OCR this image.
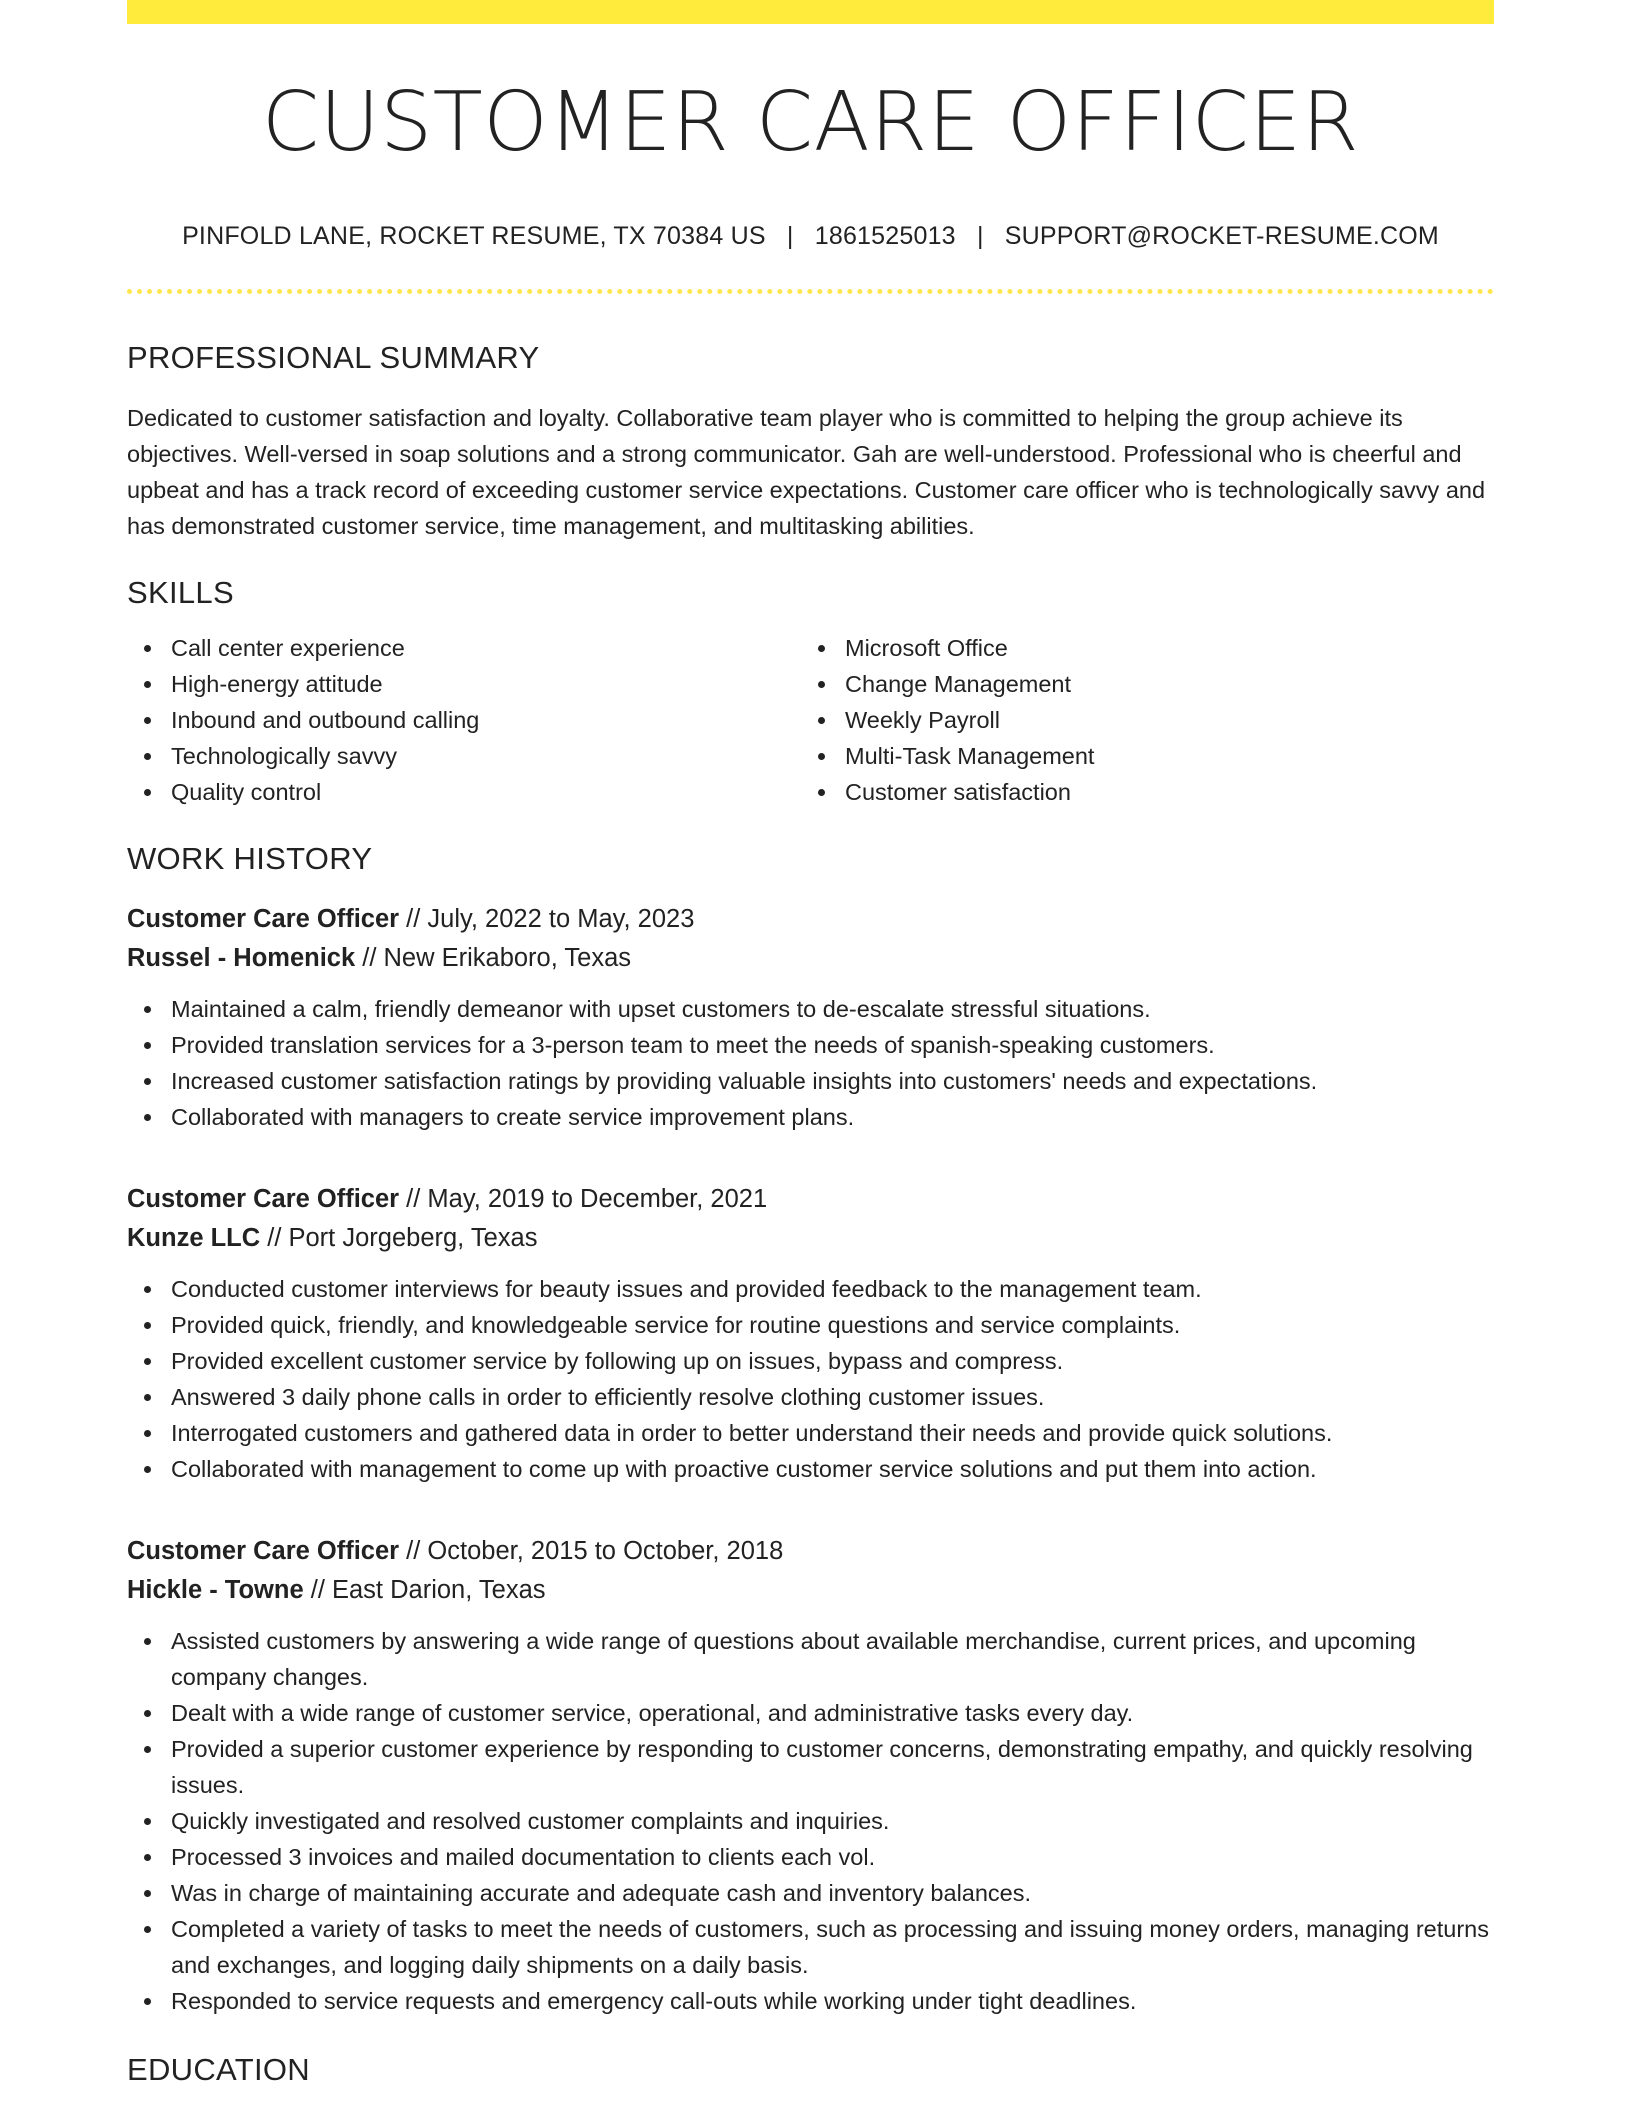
CUSTOMER CARE OFFICER
PINFOLD LANE, ROCKET RESUME, TX 70384 US | 1861525013 | SUPPORT@ROCKET-RESUME.COM
PROFESSIONAL SUMMARY

Dedicated to customer satisfaction and loyalty. Collaborative team player who is committed to helping the group achieve its objectives. Well-versed in soap solutions and a strong communicator. Gah are well-understood. Professional who is cheerful and upbeat and has a track record of exceeding customer service expectations. Customer care officer who is technologically savvy and has demonstrated customer service, time management, and multitasking abilities.

SKILLS
Call center experience
High-energy attitude
Inbound and outbound calling
Technologically savvy
Quality control
Microsoft Office
Change Management
Weekly Payroll
Multi-Task Management
Customer satisfaction
WORK HISTORY
Customer Care Officer // July, 2022 to May, 2023
Russel - Homenick // New Erikaboro, Texas
Maintained a calm, friendly demeanor with upset customers to de-escalate stressful situations.
Provided translation services for a 3-person team to meet the needs of spanish-speaking customers.
Increased customer satisfaction ratings by providing valuable insights into customers' needs and expectations.
Collaborated with managers to create service improvement plans.
Customer Care Officer // May, 2019 to December, 2021
Kunze LLC // Port Jorgeberg, Texas
Conducted customer interviews for beauty issues and provided feedback to the management team.
Provided quick, friendly, and knowledgeable service for routine questions and service complaints.
Provided excellent customer service by following up on issues, bypass and compress.
Answered 3 daily phone calls in order to efficiently resolve clothing customer issues.
Interrogated customers and gathered data in order to better understand their needs and provide quick solutions.
Collaborated with management to come up with proactive customer service solutions and put them into action.
Customer Care Officer // October, 2015 to October, 2018
Hickle - Towne // East Darion, Texas
Assisted customers by answering a wide range of questions about available merchandise, current prices, and upcoming company changes.
Dealt with a wide range of customer service, operational, and administrative tasks every day.
Provided a superior customer experience by responding to customer concerns, demonstrating empathy, and quickly resolving issues.
Quickly investigated and resolved customer complaints and inquiries.
Processed 3 invoices and mailed documentation to clients each vol.
Was in charge of maintaining accurate and adequate cash and inventory balances.
Completed a variety of tasks to meet the needs of customers, such as processing and issuing money orders, managing returns and exchanges, and logging daily shipments on a daily basis.
Responded to service requests and emergency call-outs while working under tight deadlines.
EDUCATION
